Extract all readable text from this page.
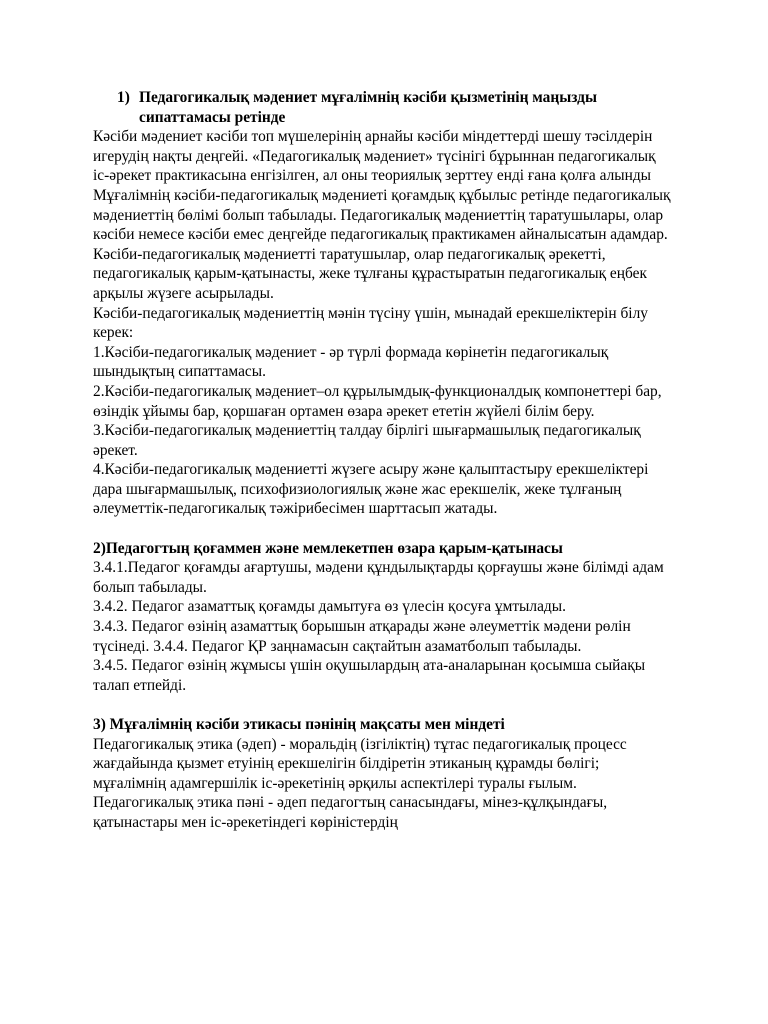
1) Педагогикалық мәдениет мұғалімнің кәсіби қызметінің маңызды сипаттамасы ретінде

Кәсіби мәдениет кәсіби топ мүшелерінің арнайы кәсіби міндеттерді шешу тәсілдерін игерудің нақты деңгейі. «Педагогикалық мәдениет» түсінігі бұрыннан педагогикалық іс-әрекет практикасына енгізілген, ал оны теориялық зерттеу енді ғана қолға алынды Мұғалімнің кәсіби-педагогикалық мәдениеті қоғамдық құбылыс ретінде педагогикалық мәдениеттің бөлімі болып табылады. Педагогикалық мәдениеттің таратушылары, олар кәсіби немесе кәсіби емес деңгейде педагогикалық практикамен айналысатын адамдар. Кәсіби-педагогикалық мәдениетті таратушылар, олар педагогикалық әрекетті, педагогикалық қарым-қатынасты, жеке тұлғаны құрастыратын педагогикалық еңбек арқылы жүзеге асырылады.

Кәсіби-педагогикалық мәдениеттің мәнін түсіну үшін, мынадай ерекшеліктерін білу керек:

1.Кәсіби-педагогикалық мәдениет - әр түрлі формада көрінетін педагогикалық шындықтың сипаттамасы.

2.Кәсіби-педагогикалық мәдениет–ол құрылымдық-функционалдық компонеттері бар, өзіндік ұйымы бар, қоршаған ортамен өзара әрекет ететін жүйелі білім беру.

3.Кәсіби-педагогикалық мәдениеттің талдау бірлігі шығармашылық педагогикалық әрекет.

4.Кәсіби-педагогикалық мәдениетті жүзеге асыру және қалыптастыру ерекшеліктері дара шығармашылық, психофизиологиялық және жас ерекшелік, жеке тұлғаның әлеуметтік-педагогикалық тәжірибесімен шарттасып жатады.

2)Педагогтың қоғаммен және мемлекетпен өзара қарым-қатынасы

3.4.1.Педагог қоғамды ағартушы, мәдени құндылықтарды қорғаушы және білімді адам болып табылады.

3.4.2. Педагог азаматтық қоғамды дамытуға өз үлесін қосуға ұмтылады.

3.4.3. Педагог өзінің азаматтық борышын атқарады және әлеуметтік мәдени рөлін түсінеді. 3.4.4. Педагог ҚР заңнамасын сақтайтын азаматболып табылады.

3.4.5. Педагог өзінің жұмысы үшін оқушылардың ата-аналарынан қосымша сыйақы талап етпейді.

3) Мұғалімнің кәсіби этикасы пәнінің мақсаты мен міндеті

Педагогикалық этика (әдеп) - моральдің (ізгіліктің) тұтас педагогикалық процесс жағдайында қызмет етуінің ерекшелігін білдіретін этиканың құрамды бөлігі; мұғалімнің адамгершілік іс-әрекетінің әрқилы аспектілері туралы ғылым. Педагогикалық этика пәні - әдеп педагогтың санасындағы, мінез-құлқындағы, қатынастары мен іс-әрекетіндегі көріністердің
